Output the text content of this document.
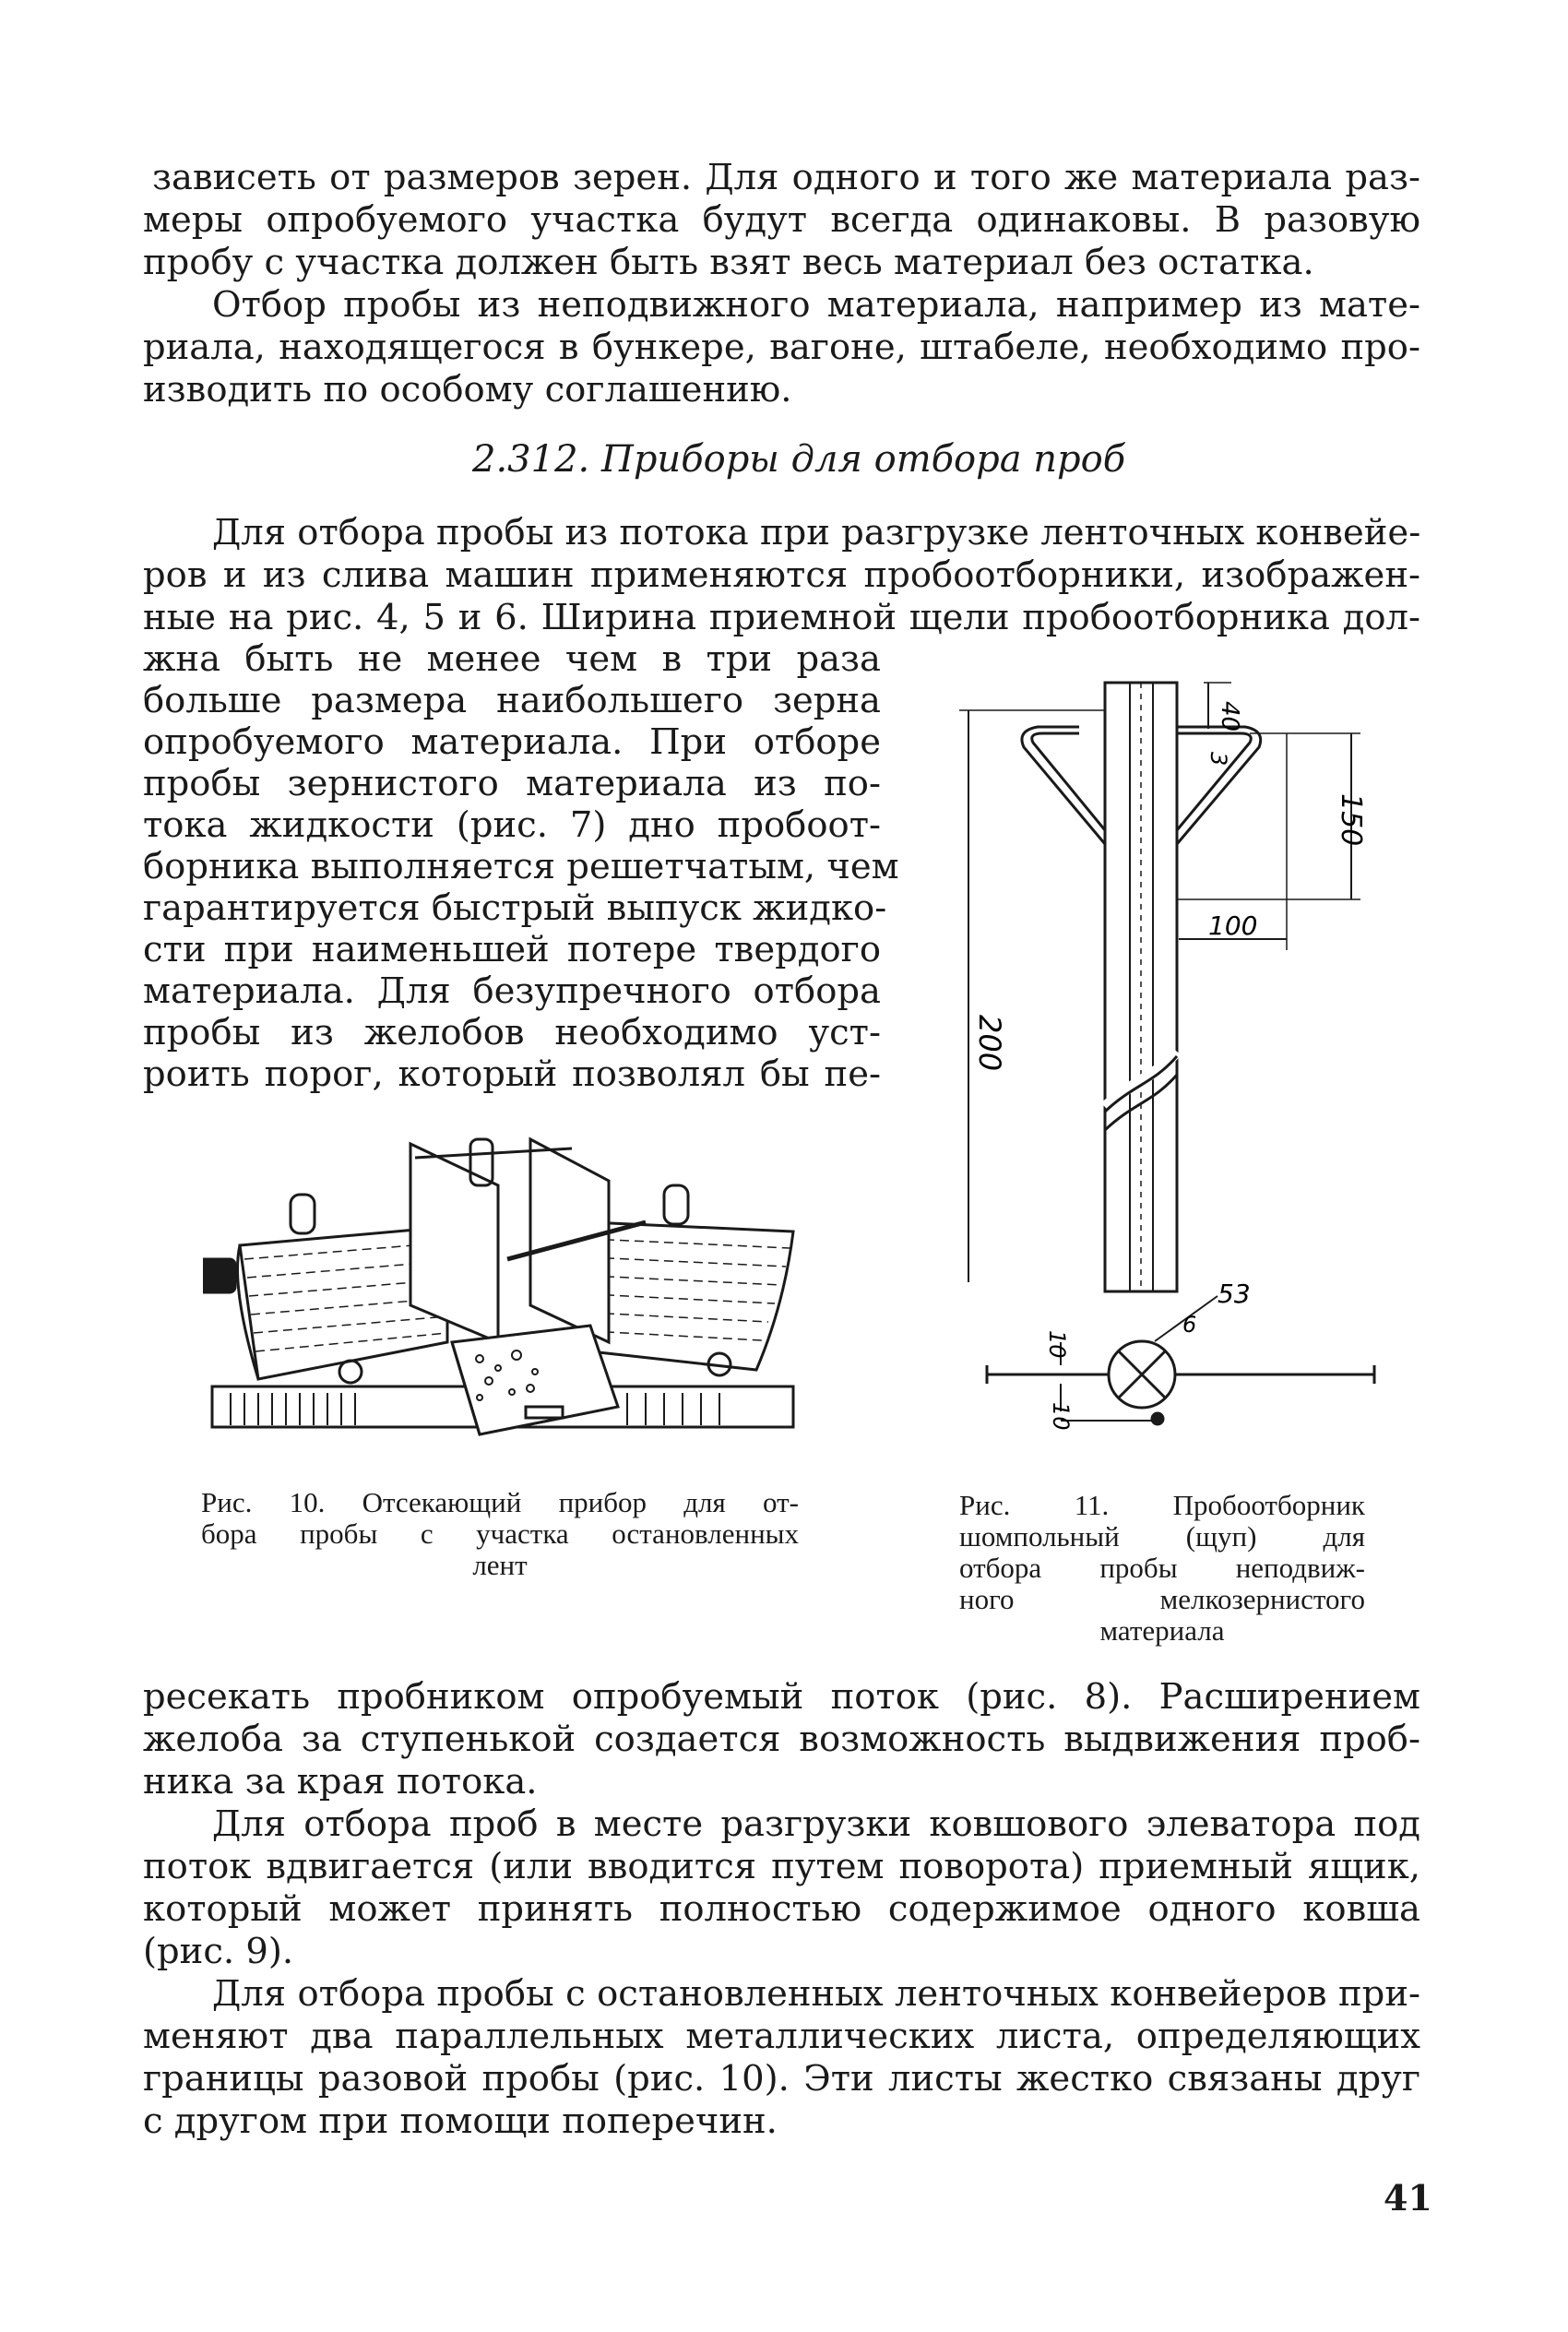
зависеть от размеров зерен. Для одного и того же материала раз-
меры опробуемого участка будут всегда одинаковы. В разовую
пробу с участка должен быть взят весь материал без остатка.
Отбор пробы из неподвижного материала, например из мате-
риала, находящегося в бункере, вагоне, штабеле, необходимо про-
изводить по особому соглашению.
2.312. Приборы для отбора проб
Для отбора пробы из потока при разгрузке ленточных конвейе-
ров и из слива машин применяются пробоотборники, изображен-
ные на рис. 4, 5 и 6. Ширина приемной щели пробоотборника дол-
жна быть не менее чем в три раза
больше размера наибольшего зерна
опробуемого материала. При отборе
пробы зернистого материала из по-
тока жидкости (рис. 7) дно пробоот-
борника выполняется решетчатым, чем
гарантируется быстрый выпуск жидко-
сти при наименьшей потере твердого
материала. Для безупречного отбора
пробы из желобов необходимо уст-
роить порог, который позволял бы пе-
200
40
3
150
100
53
6
10
10
Рис. 10. Отсекающий прибор для от-
бора пробы с участка остановленных
лент
Рис. 11. Пробоотборник
шомпольный (щуп) для
отбора пробы неподвиж-
ного мелкозернистого
материала
ресекать пробником опробуемый поток (рис. 8). Расширением
желоба за ступенькой создается возможность выдвижения проб-
ника за края потока.
Для отбора проб в месте разгрузки ковшового элеватора под
поток вдвигается (или вводится путем поворота) приемный ящик,
который может принять полностью содержимое одного ковша
(рис. 9).
Для отбора пробы с остановленных ленточных конвейеров при-
меняют два параллельных металлических листа, определяющих
границы разовой пробы (рис. 10). Эти листы жестко связаны друг
с другом при помощи поперечин.
41
